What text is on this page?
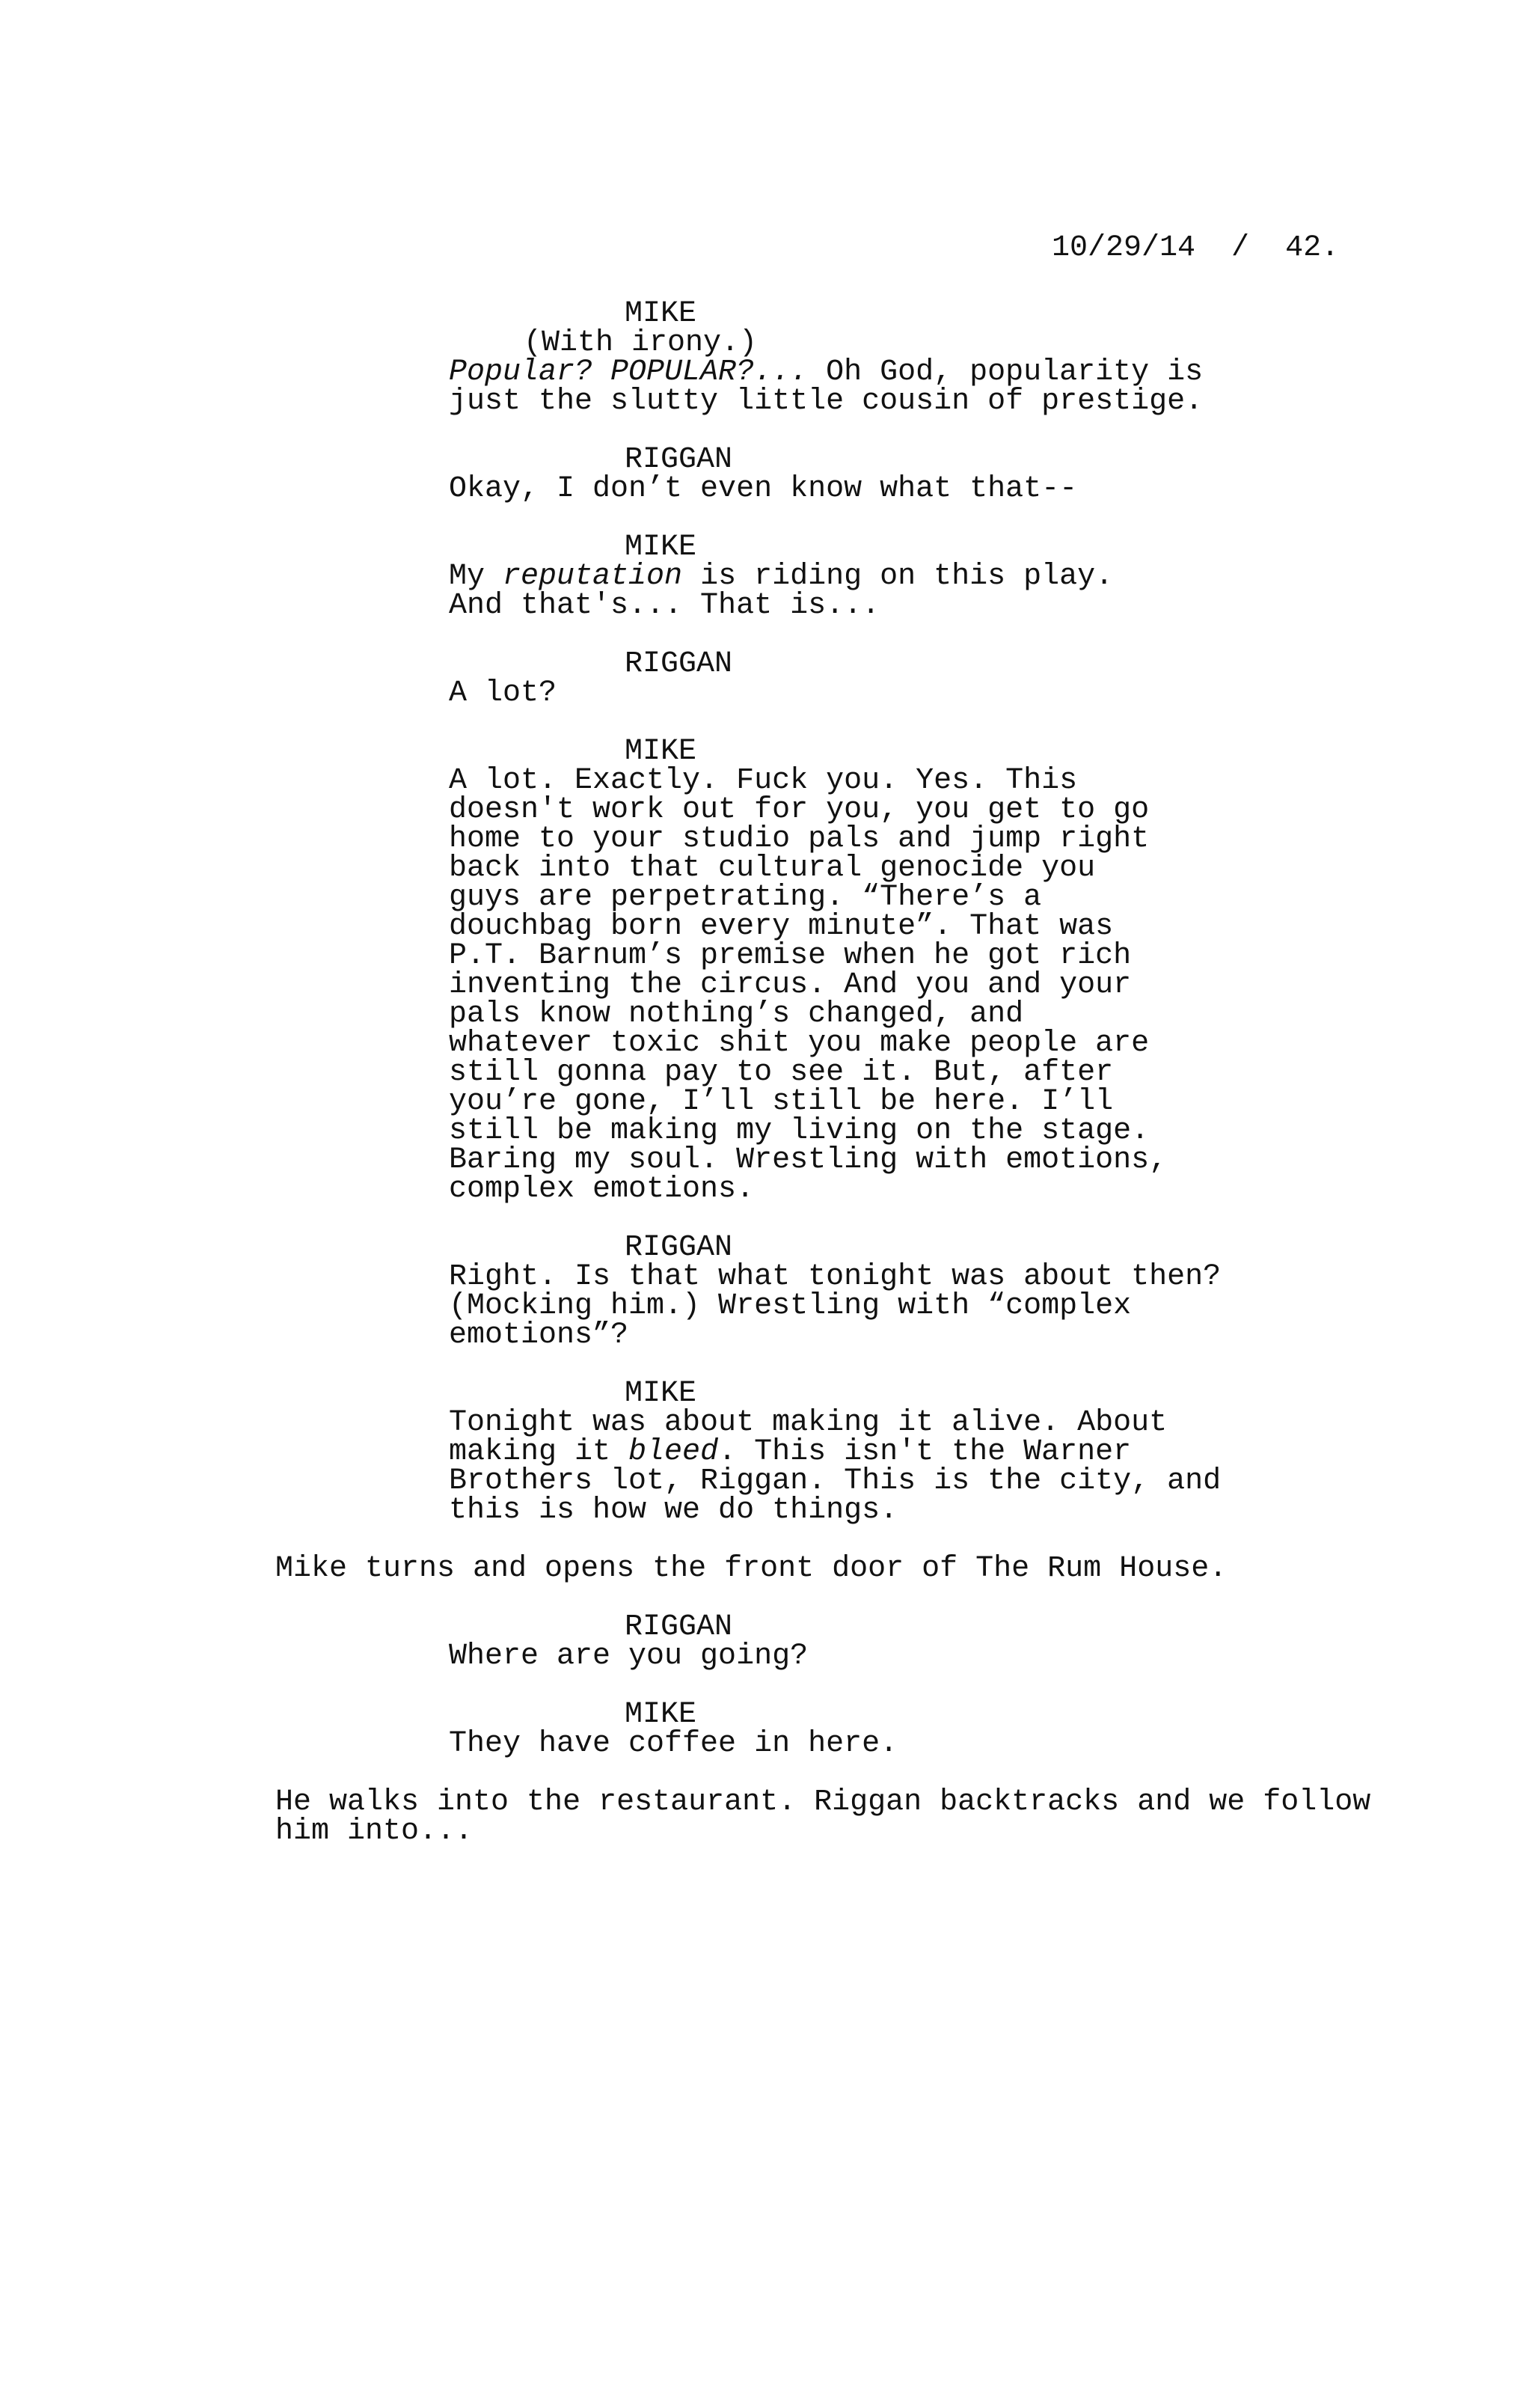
10/29/14 / 42.

MIKE

(With irony.)

Popular? POPULAR?... Oh God, popularity is

just the slutty little cousin of prestige.

RIGGAN

Okay, I don’t even know what that--

MIKE

My reputation is riding on this play.

And that's... That is...

RIGGAN

A lot?

MIKE

A lot. Exactly. Fuck you. Yes. This

doesn't work out for you, you get to go

home to your studio pals and jump right

back into that cultural genocide you

guys are perpetrating. “There’s a

douchbag born every minute”. That was

P.T. Barnum’s premise when he got rich

inventing the circus. And you and your

pals know nothing’s changed, and

whatever toxic shit you make people are

still gonna pay to see it. But, after

you’re gone, I’ll still be here. I’ll

still be making my living on the stage.

Baring my soul. Wrestling with emotions,

complex emotions.

RIGGAN

Right. Is that what tonight was about then?

(Mocking him.) Wrestling with “complex

emotions”?

MIKE

Tonight was about making it alive. About

making it bleed. This isn't the Warner

Brothers lot, Riggan. This is the city, and

this is how we do things.

Mike turns and opens the front door of The Rum House.

RIGGAN

Where are you going?

MIKE

They have coffee in here.

He walks into the restaurant. Riggan backtracks and we follow

him into...
